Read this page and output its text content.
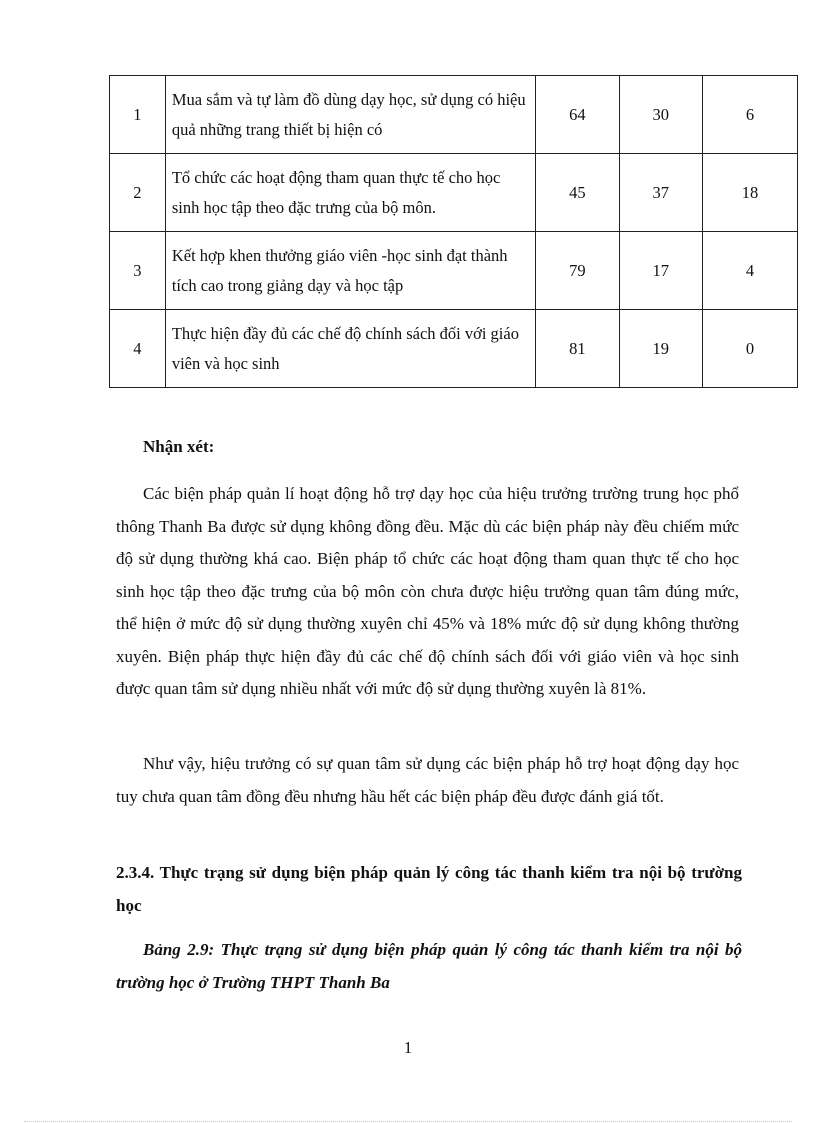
1	Mua sắm và tự làm đồ dùng dạy học, sử dụng có hiệu quả những trang thiết bị hiện có	64	30	6
2	Tổ chức các hoạt động tham quan thực tế cho học sinh học tập theo đặc trưng của bộ môn.	45	37	18
3	Kết hợp khen thưởng giáo viên -học sinh đạt thành tích cao trong giảng dạy và học tập	79	17	4
4	Thực hiện đầy đủ các chế độ chính sách đối với giáo viên và học sinh	81	19	0
Nhận xét:

Các biện pháp quản lí hoạt động hỗ trợ dạy học của hiệu trưởng trường trung học phổ thông Thanh Ba được sử dụng không đồng đều. Mặc dù các biện pháp này đều chiếm mức độ sử dụng thường khá cao. Biện pháp tổ chức các hoạt động tham quan thực tế cho học sinh học tập theo đặc trưng của bộ môn còn chưa được hiệu trưởng quan tâm đúng mức, thể hiện ở mức độ sử dụng thường xuyên chỉ 45% và 18% mức độ sử dụng không thường xuyên. Biện pháp thực hiện đầy đủ các chế độ chính sách đối với giáo viên và học sinh được quan tâm sử dụng nhiều nhất với mức độ sử dụng thường xuyên là 81%.

Như vậy, hiệu trưởng có sự quan tâm sử dụng các biện pháp hỗ trợ hoạt động dạy học tuy chưa quan tâm đồng đều nhưng hầu hết các biện pháp đều được đánh giá tốt.

2.3.4. Thực trạng sử dụng biện pháp quản lý công tác thanh kiểm tra nội bộ trường học

Bảng 2.9: Thực trạng sử dụng biện pháp quản lý công tác thanh kiểm tra nội bộ trường học ở Trường THPT Thanh Ba

1
